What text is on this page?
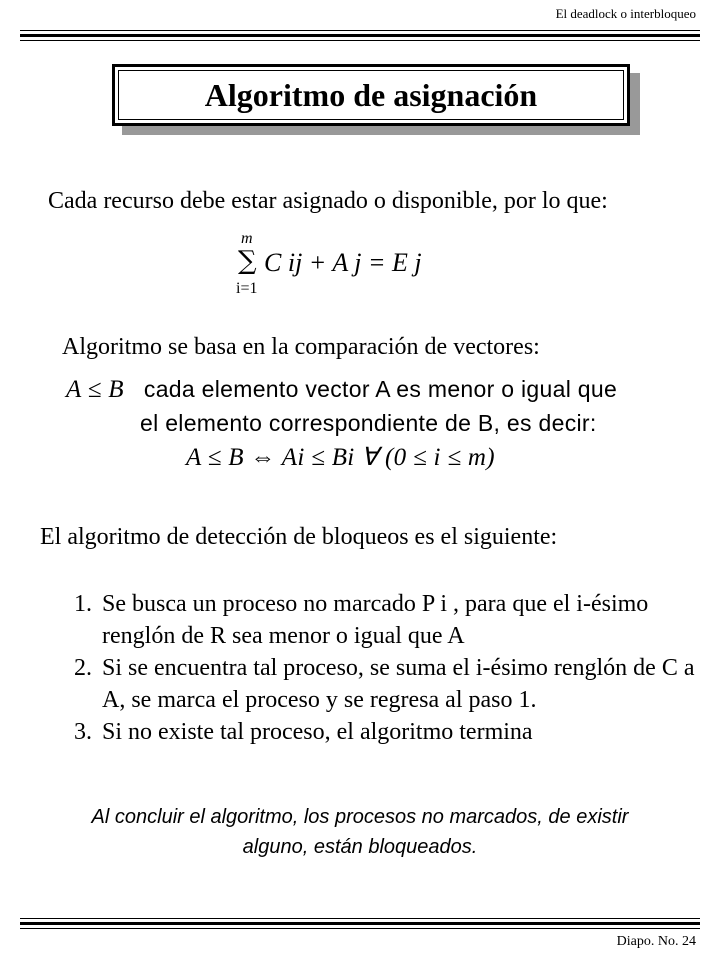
El deadlock o interbloqueo
Algoritmo de asignación
Cada recurso debe estar asignado o disponible, por lo que:
∑
m
i=1
C ij + A j = E j
Algoritmo se basa en la comparación de vectores:
A ≤ B cada elemento vector A es menor o igual que
el elemento correspondiente de B, es decir:
A ≤ B ⇔ Ai ≤ Bi ∀ (0 ≤ i ≤ m)
El algoritmo de detección de bloqueos es el siguiente:
1. Se busca un proceso no marcado P i , para que el i-ésimo renglón de R sea menor o igual que A
2. Si se encuentra tal proceso, se suma el i-ésimo renglón de C a A, se marca el proceso y se regresa al paso 1.
3. Si no existe tal proceso, el algoritmo termina
Al concluir el algoritmo, los procesos no marcados, de existir
alguno, están bloqueados.
Diapo. No. 24
